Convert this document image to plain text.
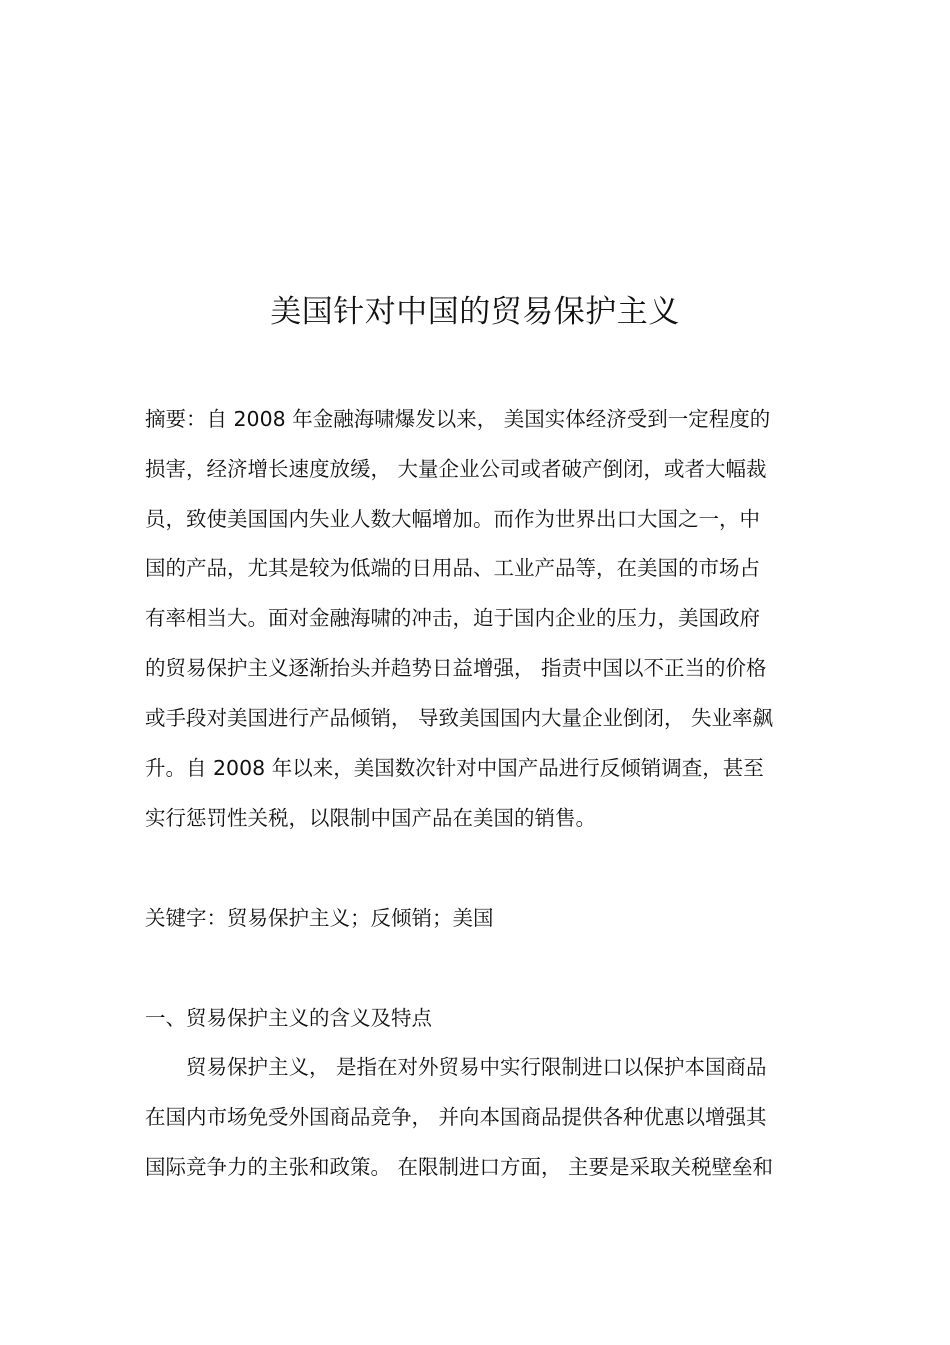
美国针对中国的贸易保护主义
摘要：自 2008 年金融海啸爆发以来， 美国实体经济受到一定程度的
损害，经济增长速度放缓， 大量企业公司或者破产倒闭，或者大幅裁
员，致使美国国内失业人数大幅增加。而作为世界出口大国之一，中
国的产品，尤其是较为低端的日用品、工业产品等，在美国的市场占
有率相当大。面对金融海啸的冲击，迫于国内企业的压力，美国政府
的贸易保护主义逐渐抬头并趋势日益增强， 指责中国以不正当的价格
或手段对美国进行产品倾销， 导致美国国内大量企业倒闭， 失业率飙
升。自 2008 年以来，美国数次针对中国产品进行反倾销调查，甚至
实行惩罚性关税，以限制中国产品在美国的销售。
关键字：贸易保护主义；反倾销；美国
一、贸易保护主义的含义及特点
贸易保护主义， 是指在对外贸易中实行限制进口以保护本国商品
在国内市场免受外国商品竞争， 并向本国商品提供各种优惠以增强其
国际竞争力的主张和政策。 在限制进口方面， 主要是采取关税壁垒和
